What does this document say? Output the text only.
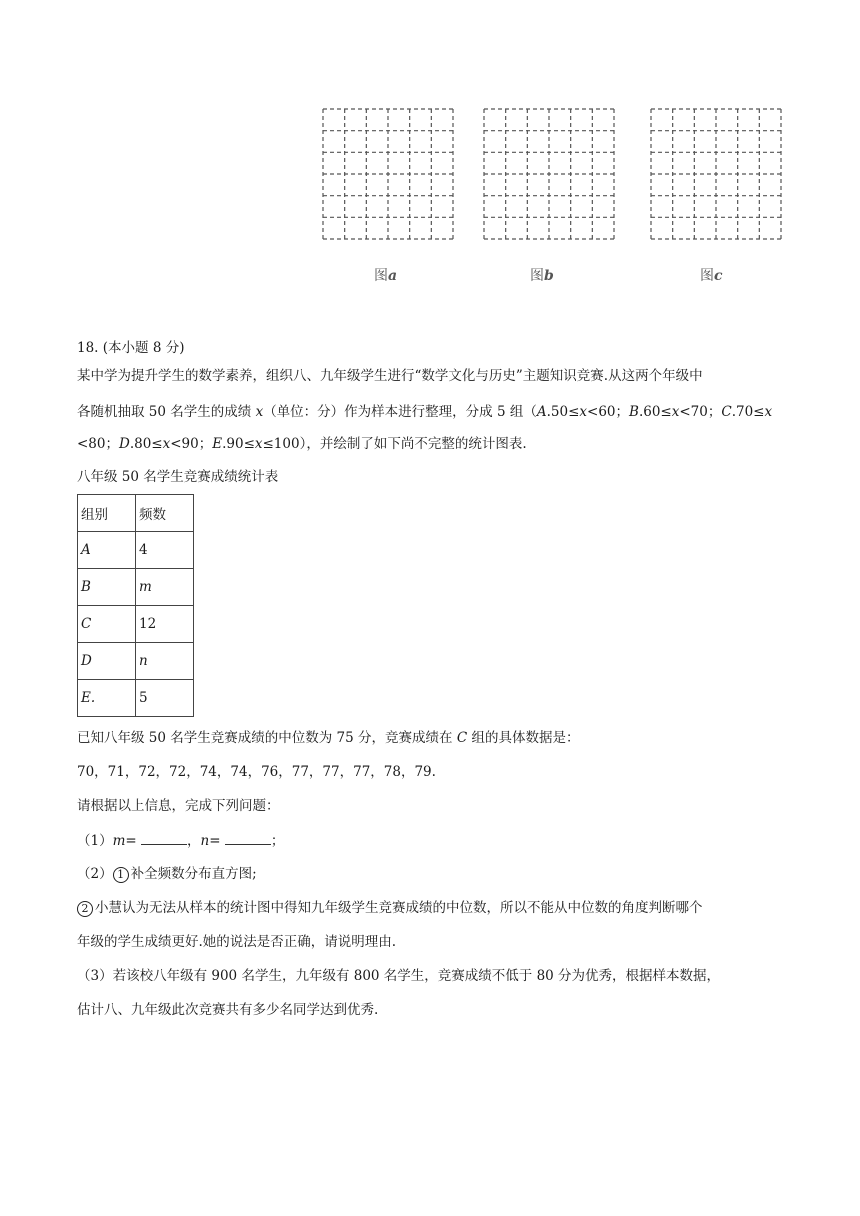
图a	图b	图c
18. (本小题 8 分)
某中学为提升学生的数学素养，组织八、九年级学生进行“数学文化与历史”主题知识竞赛.从这两个年级中
各随机抽取 50 名学生的成绩 x（单位：分）作为样本进行整理，分成 5 组（A.50≤x<60；B.60≤x<70；C.70≤x
<80；D.80≤x<90；E.90≤x≤100），并绘制了如下尚不完整的统计图表.
八年级 50 名学生竞赛成绩统计表
组别	频数
A	4
B	m
C	12
D	n
E.	5
已知八年级 50 名学生竞赛成绩的中位数为 75 分，竞赛成绩在 C 组的具体数据是：
70，71，72，72，74，74，76，77，77，77，78，79.
请根据以上信息，完成下列问题：
（1）m=	，n=	；
（2） 1 补全频数分布直方图;
2 小慧认为无法从样本的统计图中得知九年级学生竞赛成绩的中位数，所以不能从中位数的角度判断哪个
年级的学生成绩更好.她的说法是否正确，请说明理由.
（3）若该校八年级有 900 名学生，九年级有 800 名学生，竞赛成绩不低于 80 分为优秀，根据样本数据，
估计八、九年级此次竞赛共有多少名同学达到优秀.
